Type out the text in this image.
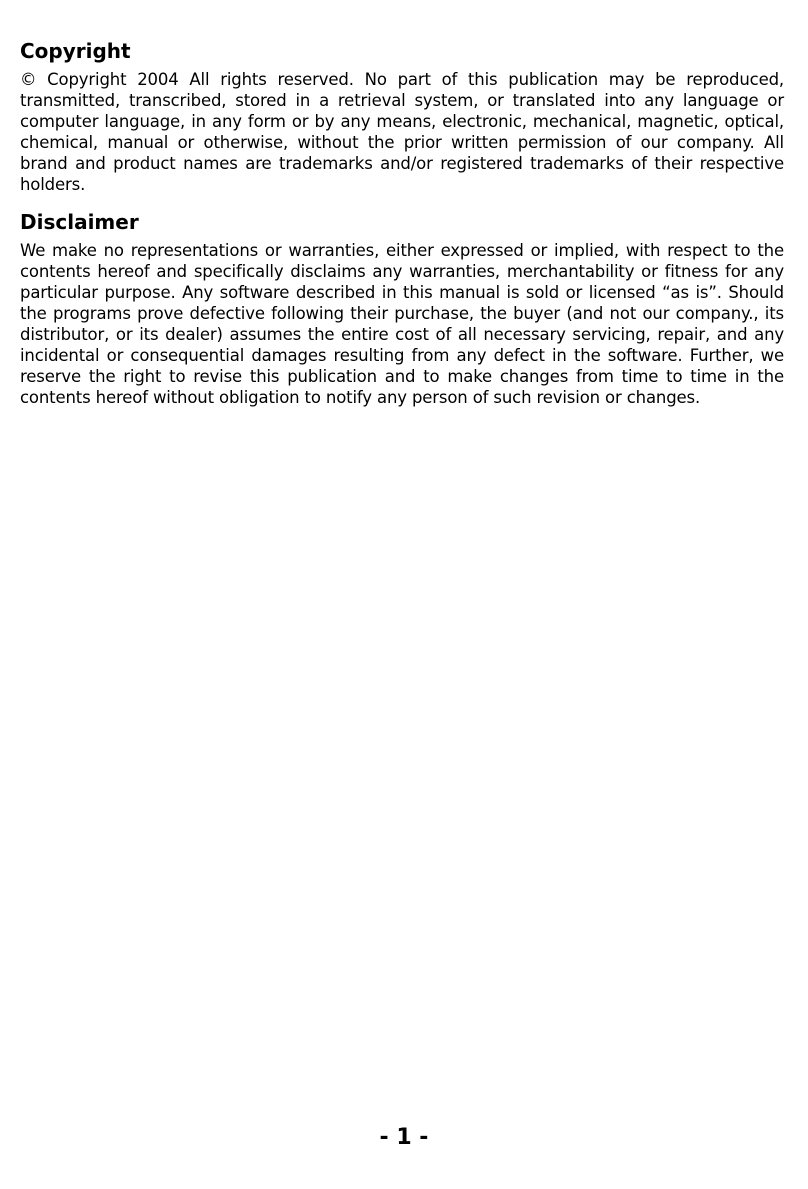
Copyright

© Copyright 2004 All rights reserved. No part of this publication may be reproduced, transmitted, transcribed, stored in a retrieval system, or translated into any language or computer language, in any form or by any means, electronic, mechanical, magnetic, optical, chemical, manual or otherwise, without the prior written permission of our company. All brand and product names are trademarks and/or registered trademarks of their respective holders.

Disclaimer

We make no representations or warranties, either expressed or implied, with respect to the contents hereof and specifically disclaims any warranties, merchantability or fitness for any particular purpose. Any software described in this manual is sold or licensed “as is”. Should the programs prove defective following their purchase, the buyer (and not our company., its distributor, or its dealer) assumes the entire cost of all necessary servicing, repair, and any incidental or consequential damages resulting from any defect in the software. Further, we reserve the right to revise this publication and to make changes from time to time in the contents hereof without obligation to notify any person of such revision or changes.

- 1 -
